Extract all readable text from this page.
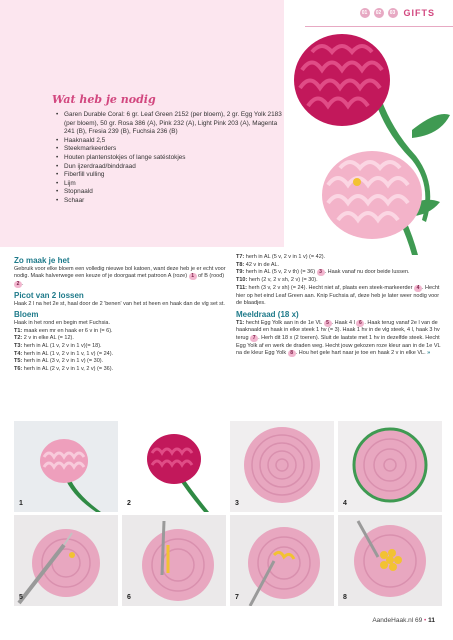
01	02	03 GIFTS
Wat heb je nodig
• Garen Durable Coral: 6 gr. Leaf Green 2152 (per bloem), 2 gr. Egg Yolk 2183 (per bloem), 50 gr. Rosa 386 (A), Pink 232 (A), Light Pink 203 (A), Magenta 241 (B), Fresia 239 (B), Fuchsia 236 (B)
• Haaknaald 2,5
• Steekmarkeerders
• Houten plantenstokjes of lange satéstokjes
• Dun ijzerdraad/binddraad
• Fiberfill vulling
• Lijm
• Stopnaald
• Schaar
Zo maak je het

Gebruik voor elke bloem een volledig nieuwe bol katoen, want deze heb je er echt voor nodig. Maak halverwege een keuze of je doorgaat met patroon A (roze) 1 of B (rood) 2 .

Picot van 2 lossen

Haak 2 l na het 2e st, haal door de 2 'benen' van het st heen en haak dan de vlg set st.

Bloem

Haak in het rond en begin met Fuchsia.

T1: maak een mr en haak er 6 v in (= 6).

T2: 2 v in elke AL (= 12).

T3: herh in AL (1 v, 2 v in 1 v)(= 18).

T4: herh in AL (1 v, 2 v in 1 v, 1 v) (= 24).

T5: herh in AL (3 v, 2 v in 1 v) (= 30).

T6: herh in AL (2 v, 2 v in 1 v, 2 v) (= 36).

T7: herh in AL (5 v, 2 v in 1 v) (= 42).

T8: 42 v in de AL.

T9: herh in AL (5 v, 2 v th) (= 36) 3 . Haak vanaf nu door beide lussen.

T10: herh (2 v, 2 v sh, 2 v) (= 30).

T11: herh (3 v, 2 v sh) (= 24). Hecht niet af, plaats een steek-markeerder 4 . Hecht hier op het eind Leaf Green aan. Knip Fuchsia af, deze heb je later weer nodig voor de blaadjes.

Meeldraad (18 x)

T1: hecht Egg Yolk aan in de 1e VL 5 . Haak 4 l 6 . Haak terug vanaf 2e l van de haaknaald en haak in elke steek 1 hv (= 3). Haak 1 hv in de vlg steek, 4 l, haak 3 hv terug 7 . Herh dit 18 x (2 toeren). Sluit de laatste met 1 hv in dezelfde steek. Hecht Egg Yolk af en werk de draden weg. Hecht jouw gekozen roze kleur aan in de 1e VL na de kleur Egg Yolk 8 . Hou het gele hart naar je toe en haak 2 v in elke VL. »

1	2	3	4
5	6	7	8
AandeHaak.nl 69 • 11
